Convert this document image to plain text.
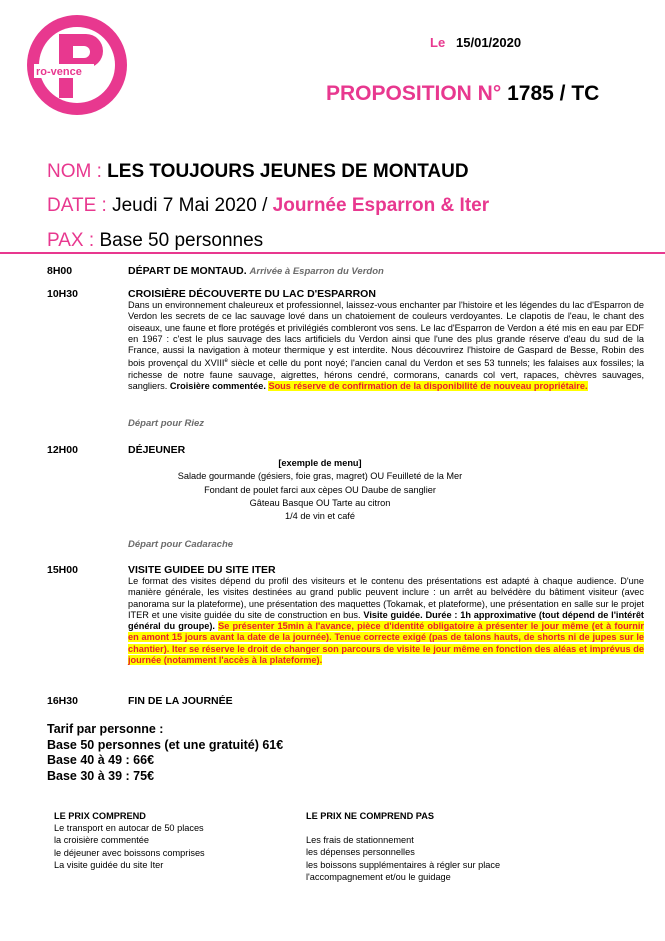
ro-vence
Le 15/01/2020
PROPOSITION N° 1785 / TC
NOM : LES TOUJOURS JEUNES DE MONTAUD
DATE : Jeudi 7 Mai 2020 / Journée Esparron & Iter
PAX : Base 50 personnes
8H00	DÉPART DE MONTAUD. Arrivée à Esparron du Verdon
10H30	CROISIÈRE DÉCOUVERTE DU LAC D'ESPARRON
Dans un environnement chaleureux et professionnel, laissez-vous enchanter par l'histoire et les légendes du lac d'Esparron de Verdon les secrets de ce lac sauvage lové dans un chatoiement de couleurs verdoyantes. Le clapotis de l'eau, le chant des oiseaux, une faune et flore protégés et privilégiés combleront vos sens. Le lac d'Esparron de Verdon a été mis en eau par EDF en 1967 : c'est le plus sauvage des lacs artificiels du Verdon ainsi que l'une des plus grande réserve d'eau du sud de la France, aussi la navigation à moteur thermique y est interdite. Nous découvrirez l'histoire de Gaspard de Besse, Robin des bois provençal du XVIIIe siècle et celle du pont noyé; l'ancien canal du Verdon et ses 53 tunnels; les falaises aux fossiles; la richesse de notre faune sauvage, aigrettes, hérons cendré, cormorans, canards col vert, rapaces, chèvres sauvages, sangliers. Croisière commentée. Sous réserve de confirmation de la disponibilité de nouveau propriétaire.
Départ pour Riez
12H00	DÉJEUNER
[exemple de menu]
Salade gourmande (gésiers, foie gras, magret) OU Feuilleté de la Mer
Fondant de poulet farci aux cèpes OU Daube de sanglier
Gâteau Basque OU Tarte au citron
1/4 de vin et café
Départ pour Cadarache
15H00	VISITE GUIDEE DU SITE ITER
Le format des visites dépend du profil des visiteurs et le contenu des présentations est adapté à chaque audience. D'une manière générale, les visites destinées au grand public peuvent inclure : un arrêt au belvédère du bâtiment visiteur (avec panorama sur la plateforme), une présentation des maquettes (Tokamak, et plateforme), une présentation en salle sur le projet ITER et une visite guidée du site de construction en bus. Visite guidée. Durée : 1h approximative (tout dépend de l'intérêt général du groupe). Se présenter 15min à l'avance, pièce d'identité obligatoire à présenter le jour même (et à fournir en amont 15 jours avant la date de la journée). Tenue correcte exigé (pas de talons hauts, de shorts ni de jupes sur le chantier). Iter se réserve le droit de changer son parcours de visite le jour même en fonction des aléas et imprévus de journée (notamment l'accès à la plateforme).
16H30	FIN DE LA JOURNÉE
Tarif par personne :
Base 50 personnes (et une gratuité) 61€
Base 40 à 49 : 66€
Base 30 à 39 : 75€
LE PRIX COMPREND
Le transport en autocar de 50 places
la croisière commentée
le déjeuner avec boissons comprises
La visite guidée du site Iter
LE PRIX NE COMPREND PAS
Les frais de stationnement
les dépenses personnelles
les boissons supplémentaires à régler sur place
l'accompagnement et/ou le guidage
